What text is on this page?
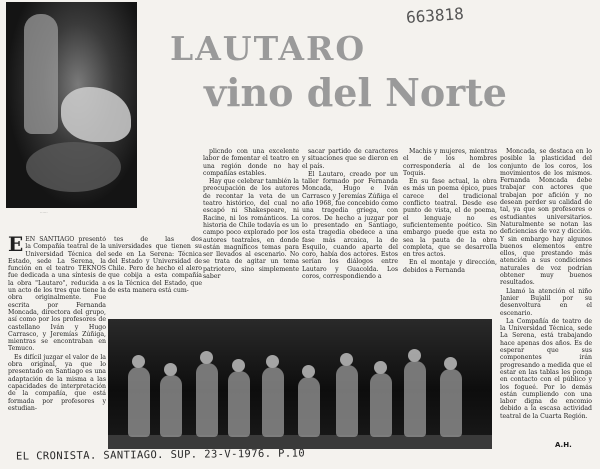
......
663818
LAUTARO
vino del Norte

EEN SANTIAGO presentó la Compañía teatral de la Universidad Técnica del Estado, sede La Serena, la función en el teatro TEKNOS fue dedicada a una síntesis de la obra "Lautaro", reducida a un acto de los tres que tiene la obra originalmente. Fue escrita por Fernanda Moncada, directora del grupo, así como por los profesores de castellano Iván y Hugo Carrasco, y Jeremías Zúñiga, mientras se encontraban en Temuco.

Es difícil juzgar el valor de la obra original, ya que lo presentado en Santiago es una adaptación de la misma a las capacidades de interpretación de la compañía, que está formada por profesores y estudian-

plicndo con una excelente labor de fomentar el teatro en una región donde no hay compañías estables.

Hay que celebrar también la preocupación de los autores de recontar la veta de un teatro histórico, del cual no escapó ni Shakespeare, ni Racine, ni los románticos. La historia de Chile todavía es un campo poco explorado por los autores teatrales, en donde están magníficos temas para ser llevados al escenario. No se trata de agitar un tema patriotero, sino simplemente saber

tes de las dos universidades que tienen su sede en La Serena: Técnica del Estado y Universidad de Chile. Pero de hecho el alero que cobija a esta compañía es la Técnica del Estado, que de esta manera está cum-

sacar partido de caracteres y situaciones que se dieron en el país.

El Lautaro, creado por un taller formado por Fernanda Moncada, Hugo e Iván Carrasco y Jeremías Zúñiga el año 1968, fue concebido como una tragedia griega, con coros. De hecho a juzgar por lo presentado en Santiago, esta tragedia obedece a una fase más arcaica, la de Esquilo, cuando aparte del coro, había dos actores. Estos serían los diálogos entre Lautaro y Guacolda. Los coros, correspondiendo a

Machis y mujeres, mientras el de los hombres correspondería al de los Toquis.

En su fase actual, la obra es más un poema épico, pues carece del tradicional conflicto teatral. Desde ese punto de vista, el de poema, el lenguaje no es suficientemente poético. Sin embargo puede que esta no sea la pauta de la obra completa, que se desarrolla en tres actos.

En el montaje y dirección, debidos a Fernanda

Moncada, se destaca en lo posible la plasticidad del conjunto de los coros, los movimientos de los mismos. Fernanda Moncada debe trabajar con actores que trabajan por afición y no desean perder su calidad de tal, ya que son profesores o estudiantes universitarios. Naturalmente se notan las deficiencias de voz y dicción. Y sin embargo hay algunos buenos elementos entre ellos, que prestando más atención a sus condiciones naturales de voz podrían obtener muy buenos resultados.

Llamó la atención el niño Janier Bujalil por su desenvoltura en el escenario.

La Compañía de teatro de la Universidad Técnica, sede La Serena, está trabajando hace apenas dos años. Es de esperar que sus componentes irán progresando a medida que el estar en las tablas les ponga en contacto con el público y los fogueé. Por lo demás están cumpliendo con una labor digna de encomio debido a la escasa actividad teatral de la Cuarta Región.

A.H.
EL CRONISTA. SANTIAGO. SUP. 23-V-1976. P.10
